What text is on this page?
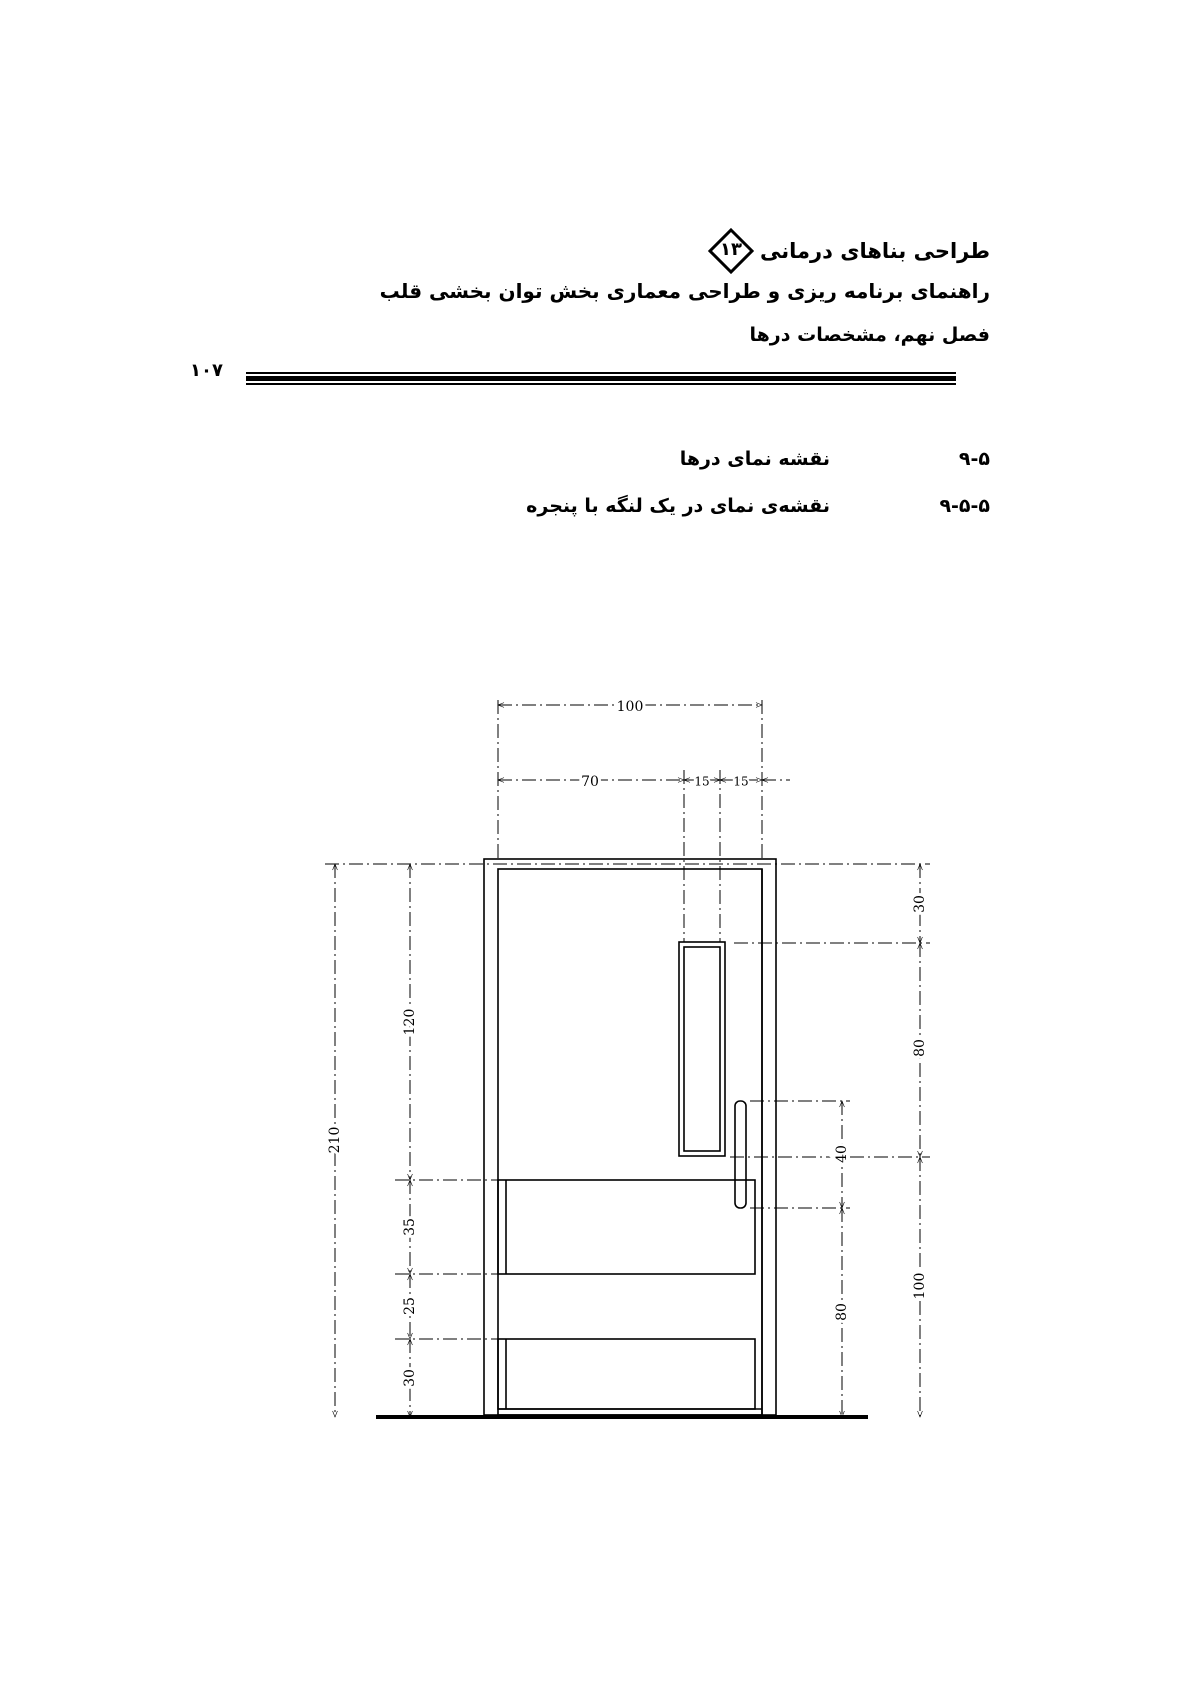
طراحی بناهای درمانی
۱۳
راهنمای برنامه ریزی و طراحی معماری بخش توان بخشی قلب
فصل نهم، مشخصات درها
۱۰۷
۹-۵
نقشه نمای درها
۹-۵-۵
نقشه‌ی نمای در یک لنگه با پنجره
100
70	15 15
210
120
35
25
30
30
80
100
40
80
